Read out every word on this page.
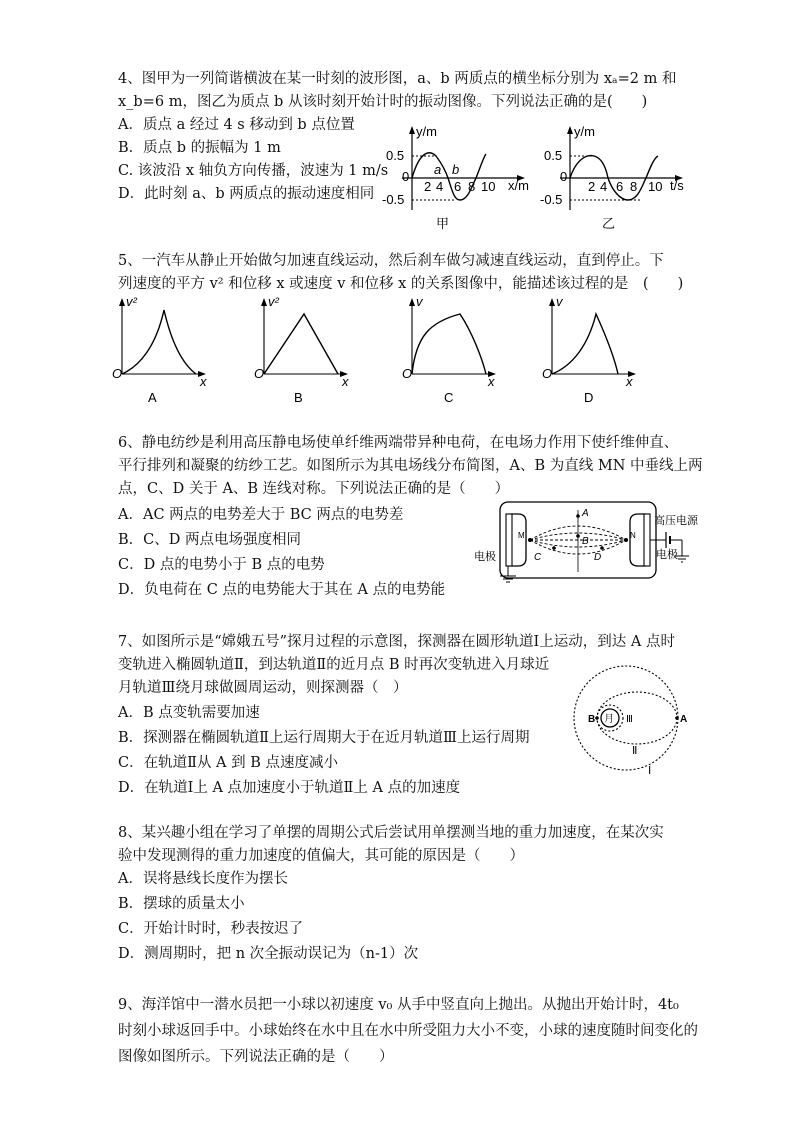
4、图甲为一列简谐横波在某一时刻的波形图，a、b 两质点的横坐标分别为 xₐ=2 m 和
x_b=6 m，图乙为质点 b 从该时刻开始计时的振动图像。下列说法正确的是(　　)
A．质点 a 经过 4 s 移动到 b 点位置
B．质点 b 的振幅为 1 m
C. 该波沿 x 轴负方向传播，波速为 1 m/s
D．此时刻 a、b 两质点的振动速度相同
y/m
x/m
0.5
0
-0.5
2 4 6 8 10
a b
甲
y/m
t/s
0.5
0
-0.5
2 4 6 8 10
乙
5、一汽车从静止开始做匀加速直线运动，然后刹车做匀减速直线运动，直到停止。下
列速度的平方 v² 和位移 x 或速度 v 和位移 x 的关系图像中，能描述该过程的是　(　　)
v²
O
x
A
v²
O
x
B
v
O
x
C
v
O
x
D
6、静电纺纱是利用高压静电场使单纤维两端带异种电荷，在电场力作用下使纤维伸直、
平行排列和凝聚的纺纱工艺。如图所示为其电场线分布简图，A、B 为直线 MN 中垂线上两
点，C、D 关于 A、B 连线对称。下列说法正确的是（　　）
A．AC 两点的电势差大于 BC 两点的电势差
B．C、D 两点电场强度相同
C．D 点的电势小于 B 点的电势
D．负电荷在 C 点的电势能大于其在 A 点的电势能
M	N
A
B
C	D
电极
高压电源
电极
7、如图所示是“嫦娥五号”探月过程的示意图，探测器在圆形轨道Ⅰ上运动，到达 A 点时
变轨进入椭圆轨道Ⅱ，到达轨道Ⅱ的近月点 B 时再次变轨进入月球近
月轨道Ⅲ绕月球做圆周运动，则探测器（　）
A．B 点变轨需要加速
B．探测器在椭圆轨道Ⅱ上运行周期大于在近月轨道Ⅲ上运行周期
C．在轨道Ⅱ从 A 到 B 点速度减小
D．在轨道Ⅰ上 A 点加速度小于轨道Ⅱ上 A 点的加速度
月
B	A
Ⅲ
Ⅱ
Ⅰ
8、某兴趣小组在学习了单摆的周期公式后尝试用单摆测当地的重力加速度，在某次实
验中发现测得的重力加速度的值偏大，其可能的原因是（　　）
A．误将悬线长度作为摆长
B．摆球的质量太小
C．开始计时时，秒表按迟了
D．测周期时，把 n 次全振动误记为（n-1）次
9、海洋馆中一潜水员把一小球以初速度 v₀ 从手中竖直向上抛出。从抛出开始计时，4t₀
时刻小球返回手中。小球始终在水中且在水中所受阻力大小不变，小球的速度随时间变化的
图像如图所示。下列说法正确的是（　　）
